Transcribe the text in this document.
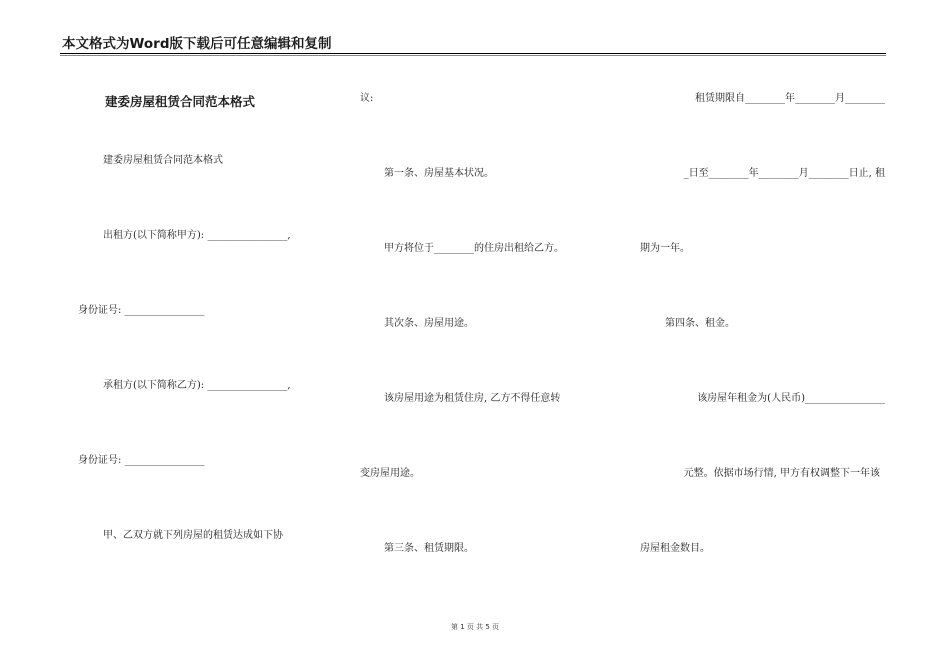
本文格式为Word版下载后可任意编辑和复制
建委房屋租赁合同范本格式
建委房屋租赁合同范本格式
出租方(以下简称甲方): ________________,
身份证号: ________________
承租方(以下简称乙方): ________________,
身份证号: ________________
甲、乙双方就下列房屋的租赁达成如下协
议:
第一条、房屋基本状况。
甲方将位于________的住房出租给乙方。
其次条、房屋用途。
该房屋用途为租赁住房, 乙方不得任意转
变房屋用途。
第三条、租赁期限。
租赁期限自________年________月________
_日至________年________月________日止, 租
期为一年。
第四条、租金。
该房屋年租金为(人民币)________________
元整。依据市场行情, 甲方有权调整下一年该
房屋租金数目。
第 1 页 共 5 页
